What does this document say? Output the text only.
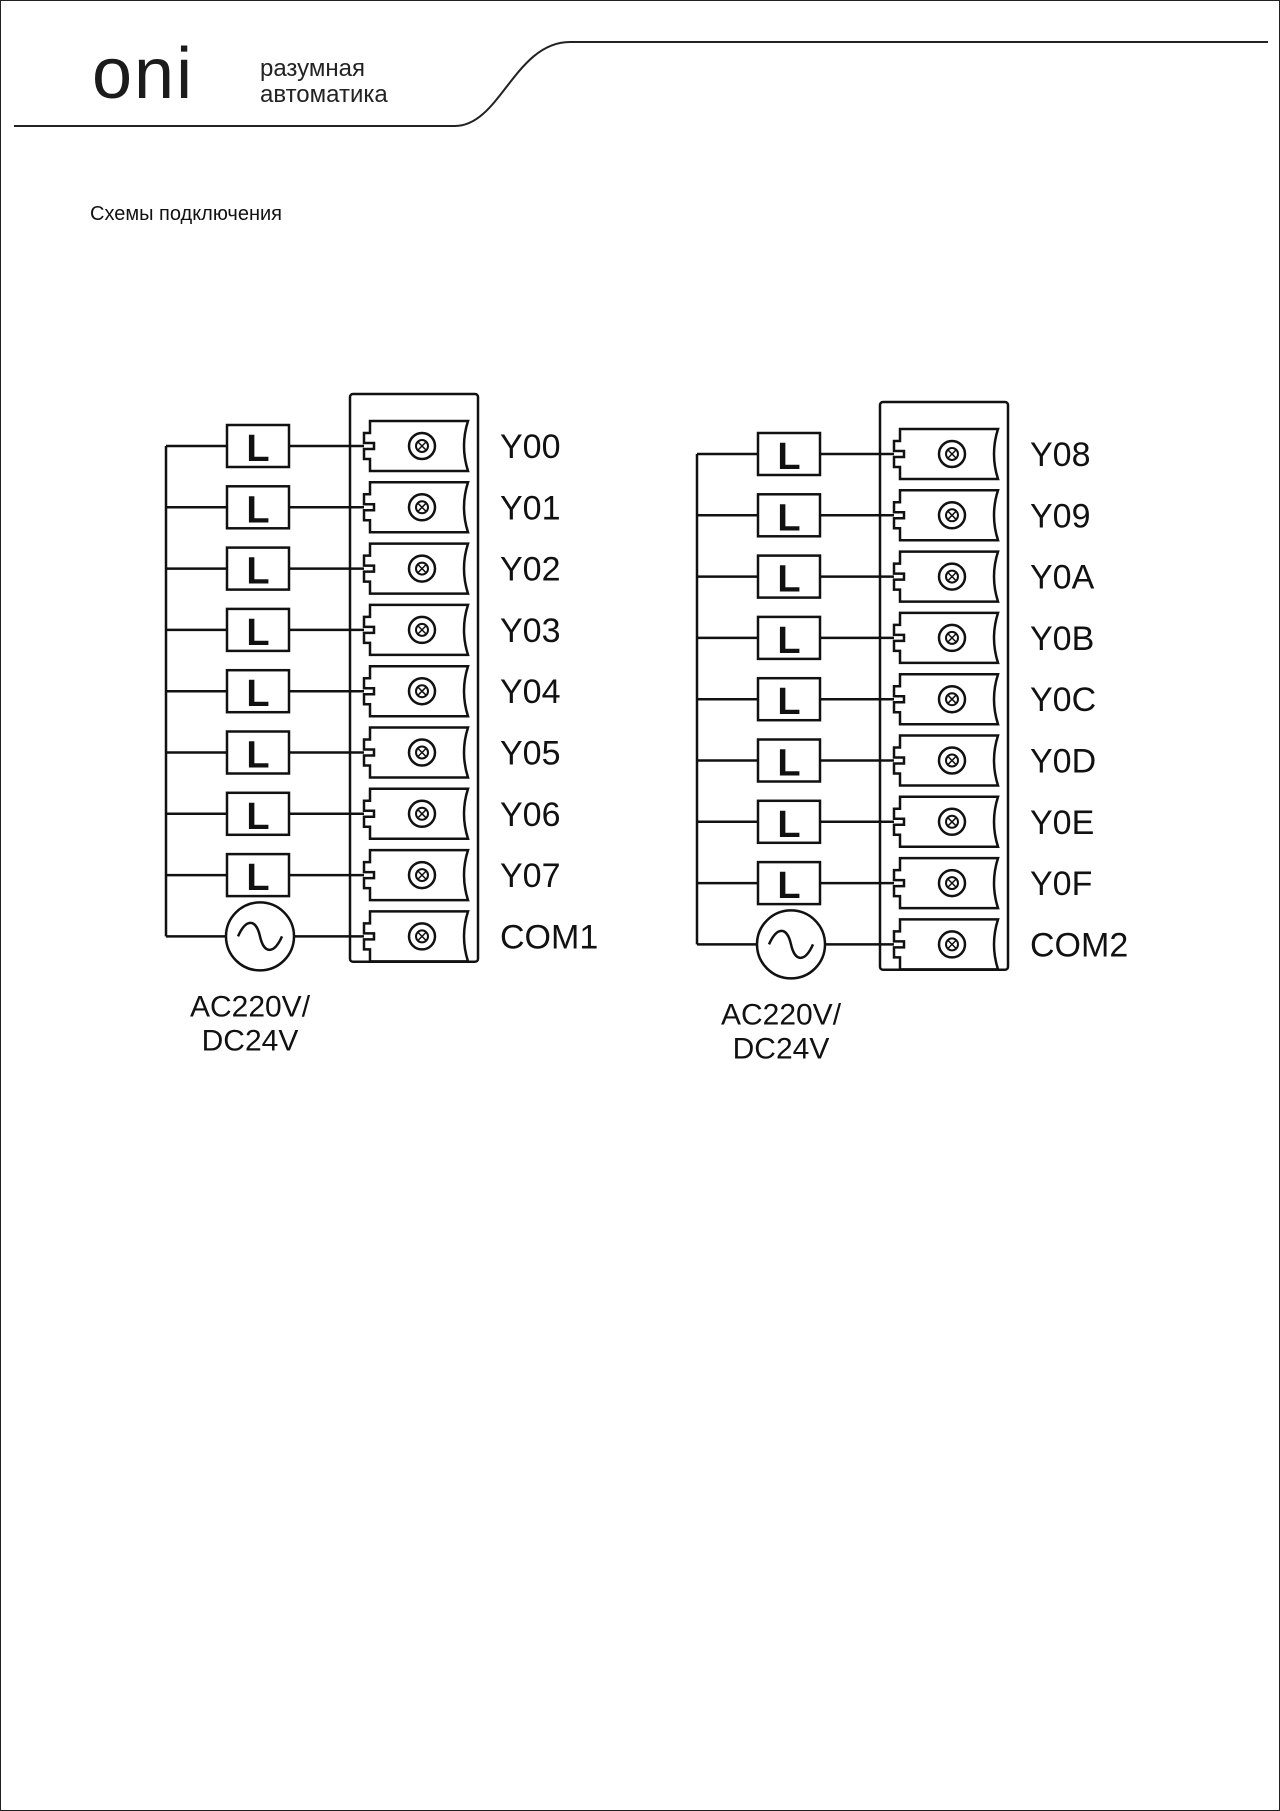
oni	разумная
автоматика
Схемы подключения
Y00
L
Y01
L
Y02
L
Y03
L
Y04
L
Y05
L
Y06
L
Y07
L
COM1
AC220V/
DC24V
Y08
L
Y09
L
Y0A
L
Y0B
L
Y0C
L
Y0D
L
Y0E
L
Y0F
L
COM2
AC220V/
DC24V
